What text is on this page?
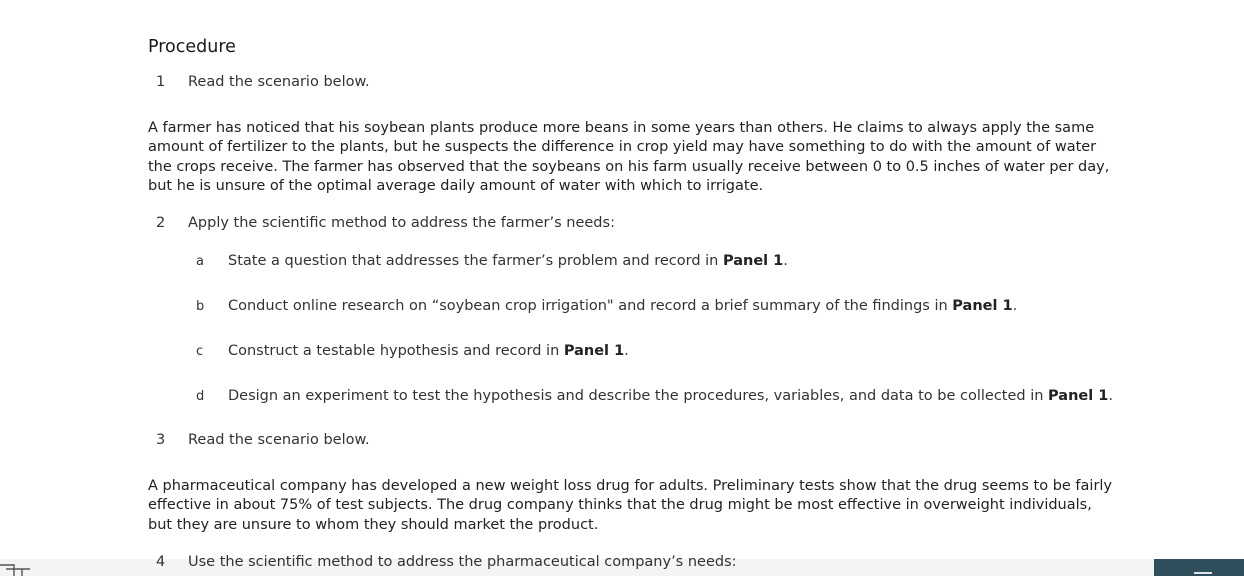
Procedure
1 Read the scenario below.
A farmer has noticed that his soybean plants produce more beans in some years than others. He claims to always apply the same amount of fertilizer to the plants, but he suspects the difference in crop yield may have something to do with the amount of water the crops receive. The farmer has observed that the soybeans on his farm usually receive between 0 to 0.5 inches of water per day, but he is unsure of the optimal average daily amount of water with which to irrigate.
2 Apply the scientific method to address the farmer’s needs:
a State a question that addresses the farmer’s problem and record in Panel 1.
b Conduct online research on “soybean crop irrigation" and record a brief summary of the findings in Panel 1.
c Construct a testable hypothesis and record in Panel 1.
d Design an experiment to test the hypothesis and describe the procedures, variables, and data to be collected in Panel 1.
3 Read the scenario below.
A pharmaceutical company has developed a new weight loss drug for adults. Preliminary tests show that the drug seems to be fairly effective in about 75% of test subjects. The drug company thinks that the drug might be most effective in overweight individuals, but they are unsure to whom they should market the product.
4 Use the scientific method to address the pharmaceutical company’s needs:
